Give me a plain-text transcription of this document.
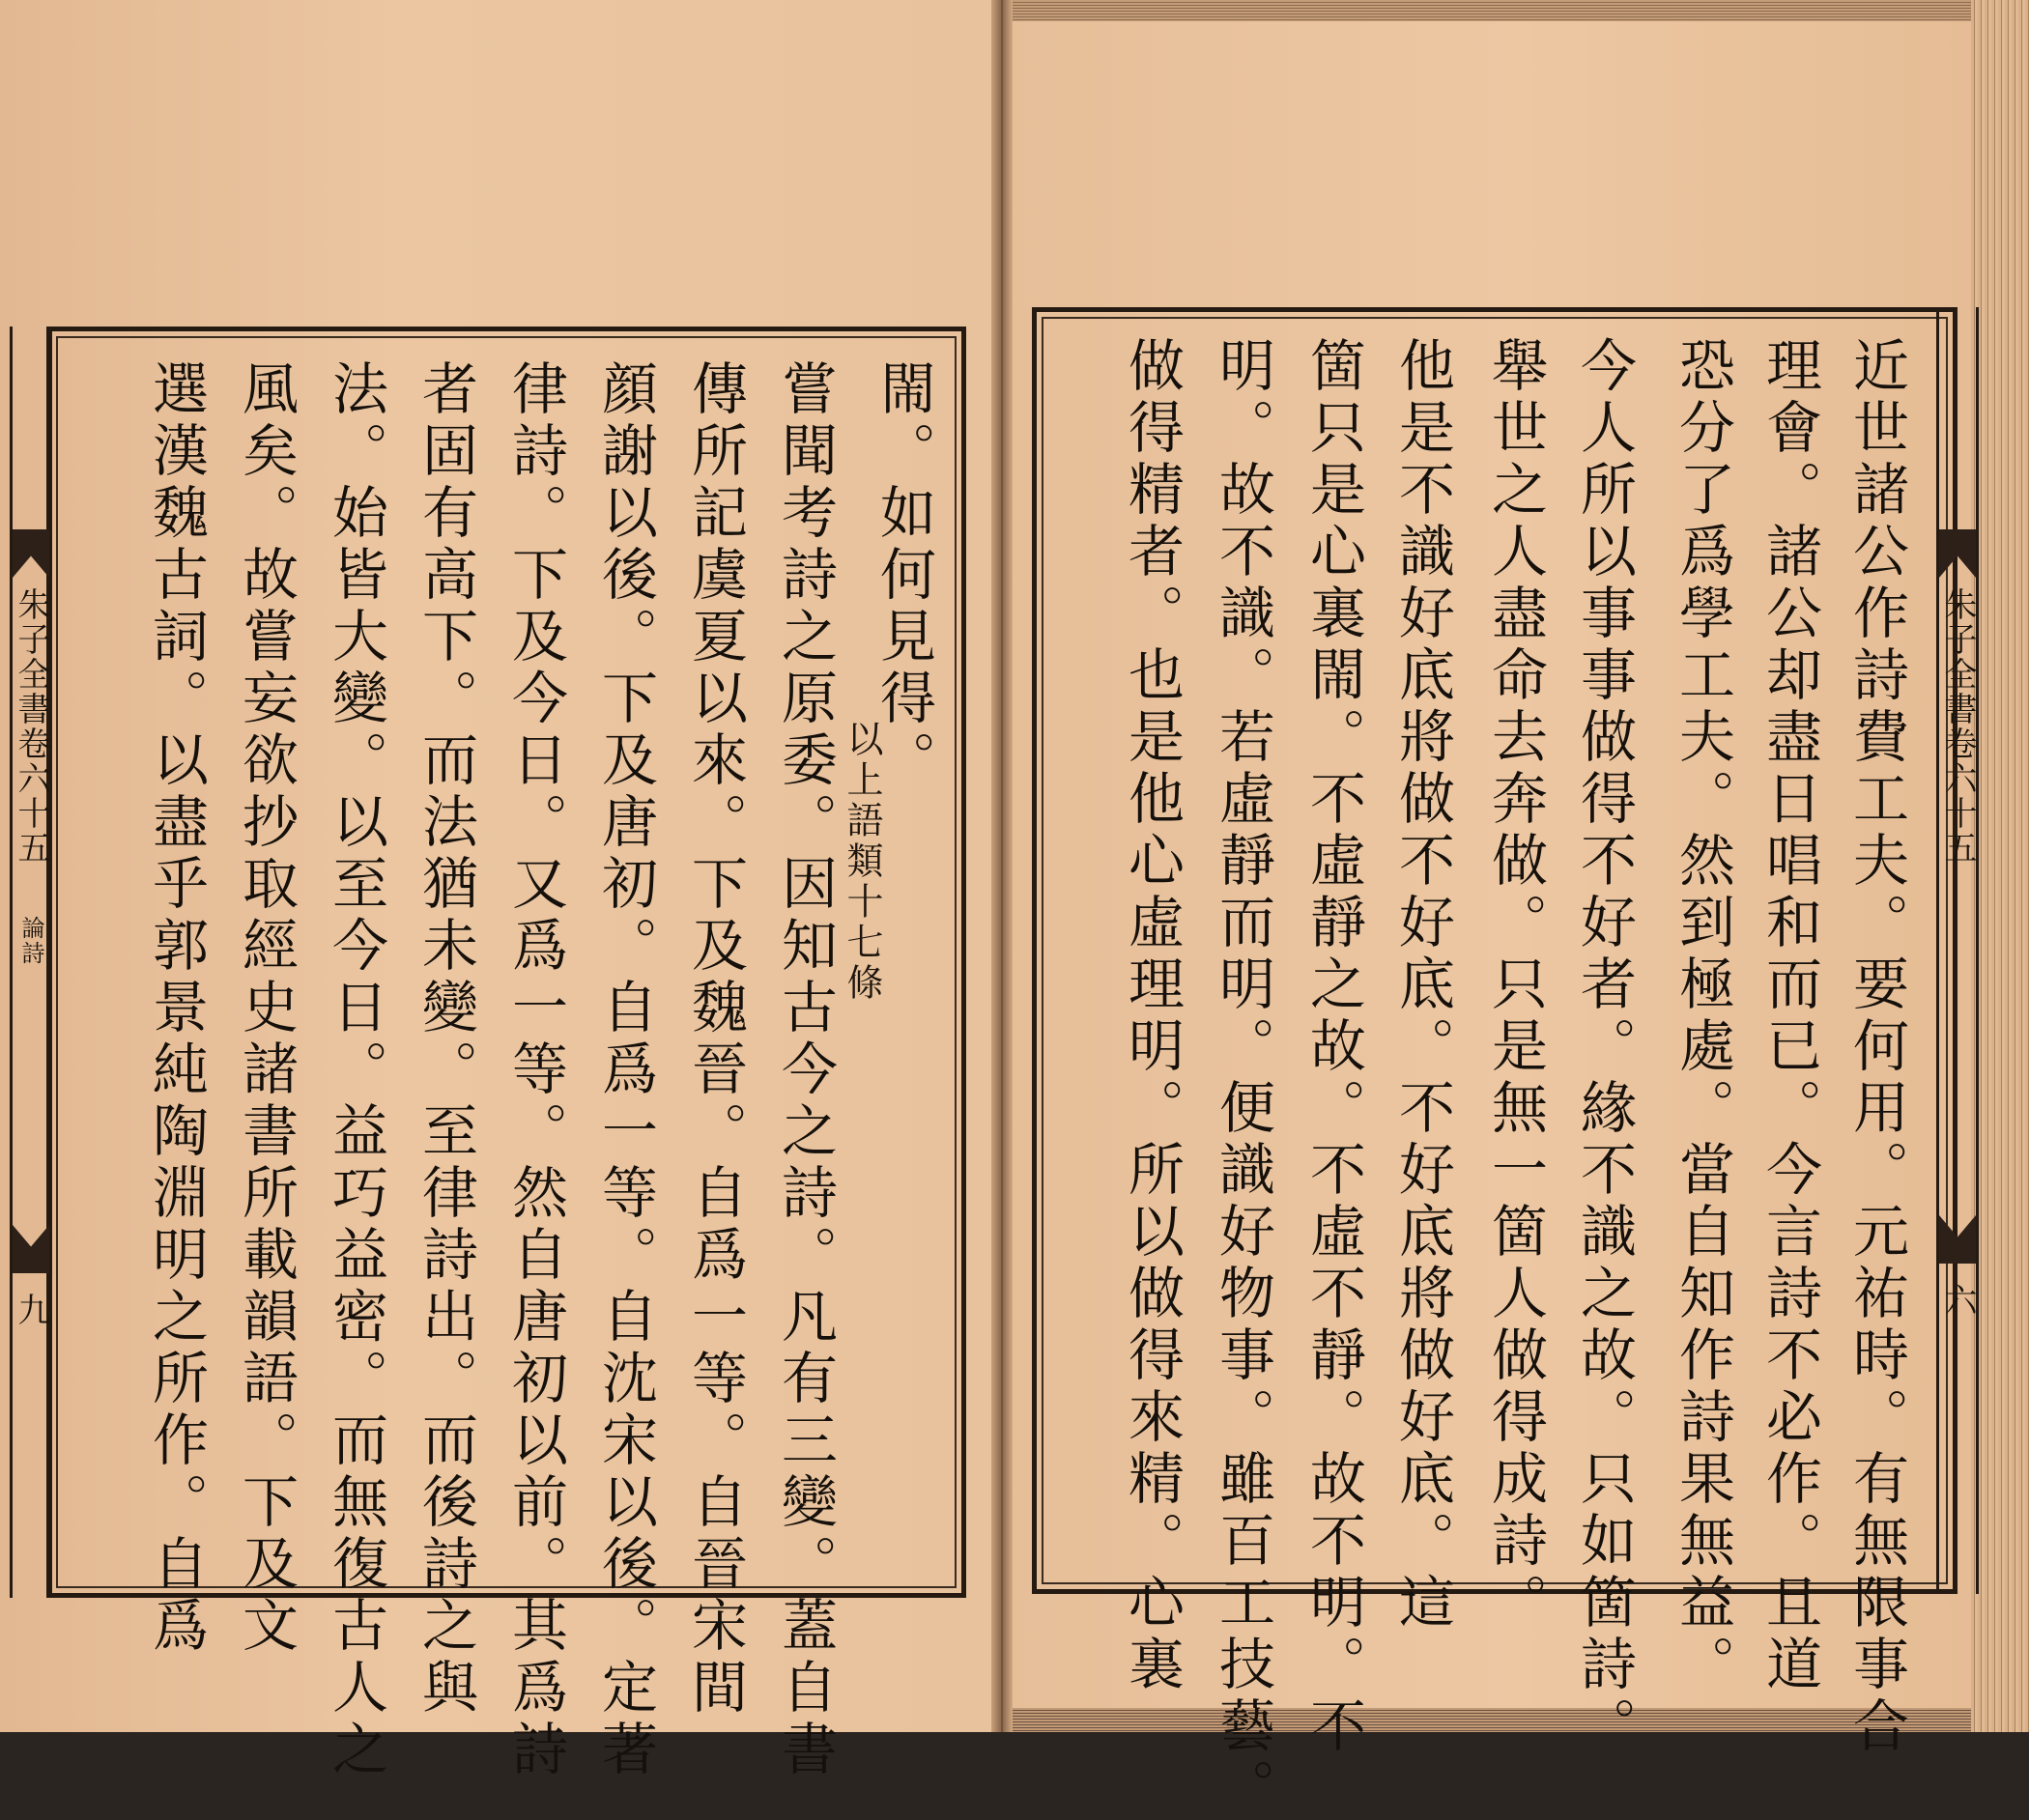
朱子全書卷六十五
論詩
九
朱子全書卷六十五
六
閙。如何見得。
以上語類十七條
嘗聞考詩之原委。因知古今之詩。凡有三變。蓋自書
傳所記虞夏以來。下及魏晉。自爲一等。自晉宋間
顔謝以後。下及唐初。自爲一等。自沈宋以後。定著
律詩。下及今日。又爲一等。然自唐初以前。其爲詩
者固有高下。而法猶未變。至律詩出。而後詩之與
法。始皆大變。以至今日。益巧益密。而無復古人之
風矣。故嘗妄欲抄取經史諸書所載韻語。下及文
選漢魏古詞。以盡乎郭景純陶淵明之所作。自爲	近世諸公作詩費工夫。要何用。元祐時。有無限事合
理會。諸公却盡日唱和而已。今言詩不必作。且道
恐分了爲學工夫。然到極處。當自知作詩果無益。
今人所以事事做得不好者。緣不識之故。只如箇詩。
舉世之人盡命去奔做。只是無一箇人做得成詩。
他是不識好底將做不好底。不好底將做好底。這
箇只是心裏閙。不虛靜之故。不虛不靜。故不明。不
明。故不識。若虛靜而明。便識好物事。雖百工技藝。
做得精者。也是他心虛理明。所以做得來精。心裏
